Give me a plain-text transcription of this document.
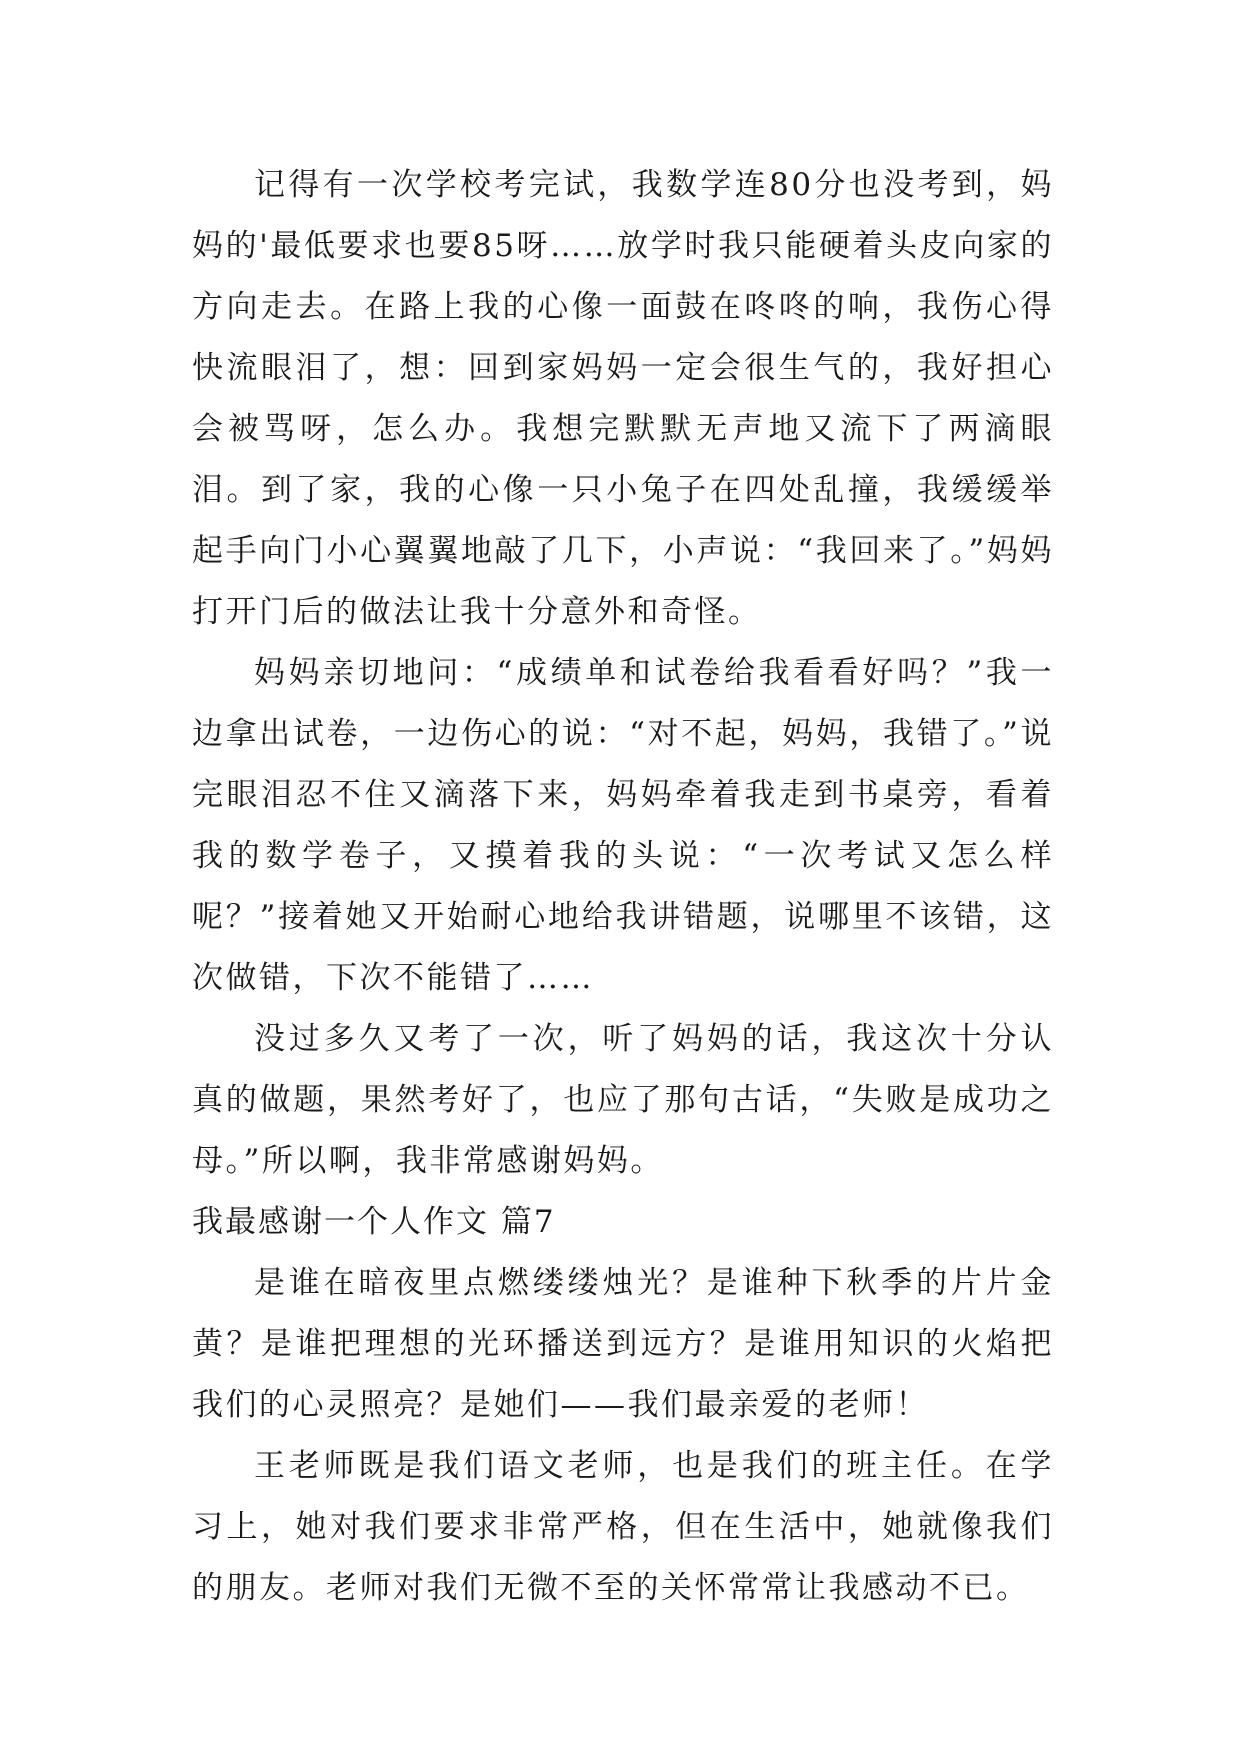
记得有一次学校考完试，我数学连80分也没考到，妈妈的'最低要求也要85呀……放学时我只能硬着头皮向家的方向走去。在路上我的心像一面鼓在咚咚的响，我伤心得快流眼泪了，想：回到家妈妈一定会很生气的，我好担心会被骂呀，怎么办。我想完默默无声地又流下了两滴眼泪。到了家，我的心像一只小兔子在四处乱撞，我缓缓举起手向门小心翼翼地敲了几下，小声说：“我回来了。”妈妈打开门后的做法让我十分意外和奇怪。

妈妈亲切地问：“成绩单和试卷给我看看好吗？”我一边拿出试卷，一边伤心的说：“对不起，妈妈，我错了。”说完眼泪忍不住又滴落下来，妈妈牵着我走到书桌旁，看着我的数学卷子，又摸着我的头说：“一次考试又怎么样呢？”接着她又开始耐心地给我讲错题，说哪里不该错，这次做错，下次不能错了……

没过多久又考了一次，听了妈妈的话，我这次十分认真的做题，果然考好了，也应了那句古话，“失败是成功之母。”所以啊，我非常感谢妈妈。

我最感谢一个人作文 篇7

是谁在暗夜里点燃缕缕烛光？是谁种下秋季的片片金黄？是谁把理想的光环播送到远方？是谁用知识的火焰把我们的心灵照亮？是她们——我们最亲爱的老师！

王老师既是我们语文老师，也是我们的班主任。在学习上，她对我们要求非常严格，但在生活中，她就像我们的朋友。老师对我们无微不至的关怀常常让我感动不已。
